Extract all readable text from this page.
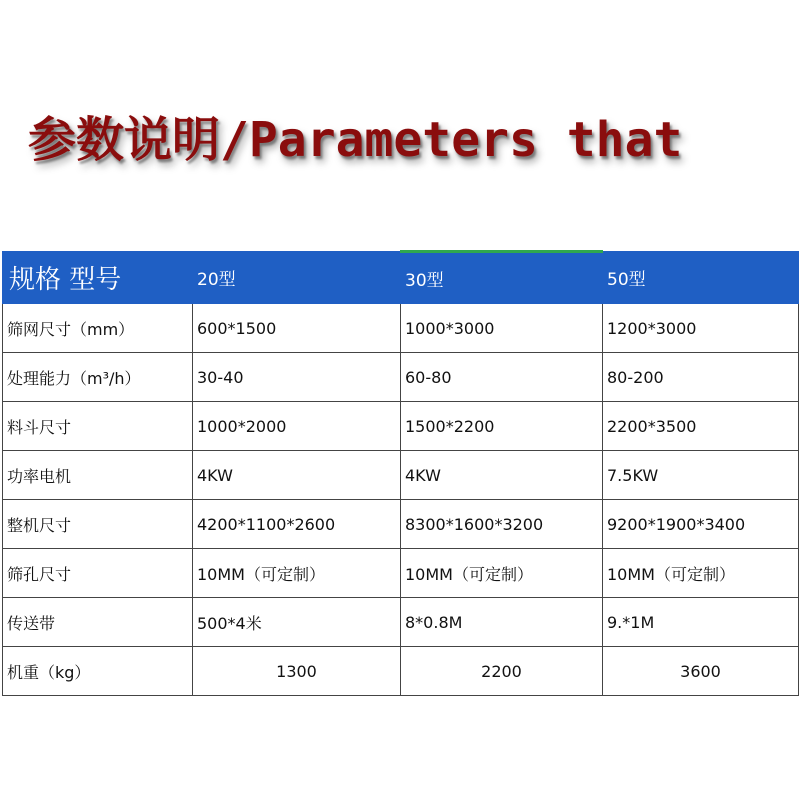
参数说明/Parameters that
规格 型号	20型	30型	50型
筛网尺寸（mm）	600*1500	1000*3000	1200*3000
处理能力（m³/h）	30-40	60-80	80-200
料斗尺寸	1000*2000	1500*2200	2200*3500
功率电机	4KW	4KW	7.5KW
整机尺寸	4200*1100*2600	8300*1600*3200	9200*1900*3400
筛孔尺寸	10MM（可定制）	10MM（可定制）	10MM（可定制）
传送带	500*4米	8*0.8M	9.*1M
机重（kg）	1300	2200	3600
